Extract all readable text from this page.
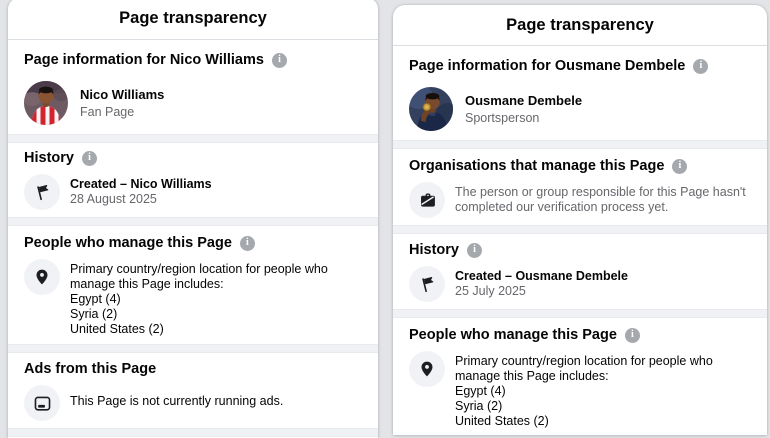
Page transparency
Page information for Nico Williams
i
Nico Williams
Fan Page
History
i
Created – Nico Williams
28 August 2025
People who manage this Page
i
Primary country/region location for people who manage this Page includes:
Egypt (4)
Syria (2)
United States (2)
Ads from this Page
This Page is not currently running ads.
Page transparency
Page information for Ousmane Dembele
i
Ousmane Dembele
Sportsperson
Organisations that manage this Page
i
The person or group responsible for this Page hasn't completed our verification process yet.
History
i
Created – Ousmane Dembele
25 July 2025
People who manage this Page
i
Primary country/region location for people who manage this Page includes:
Egypt (4)
Syria (2)
United States (2)
